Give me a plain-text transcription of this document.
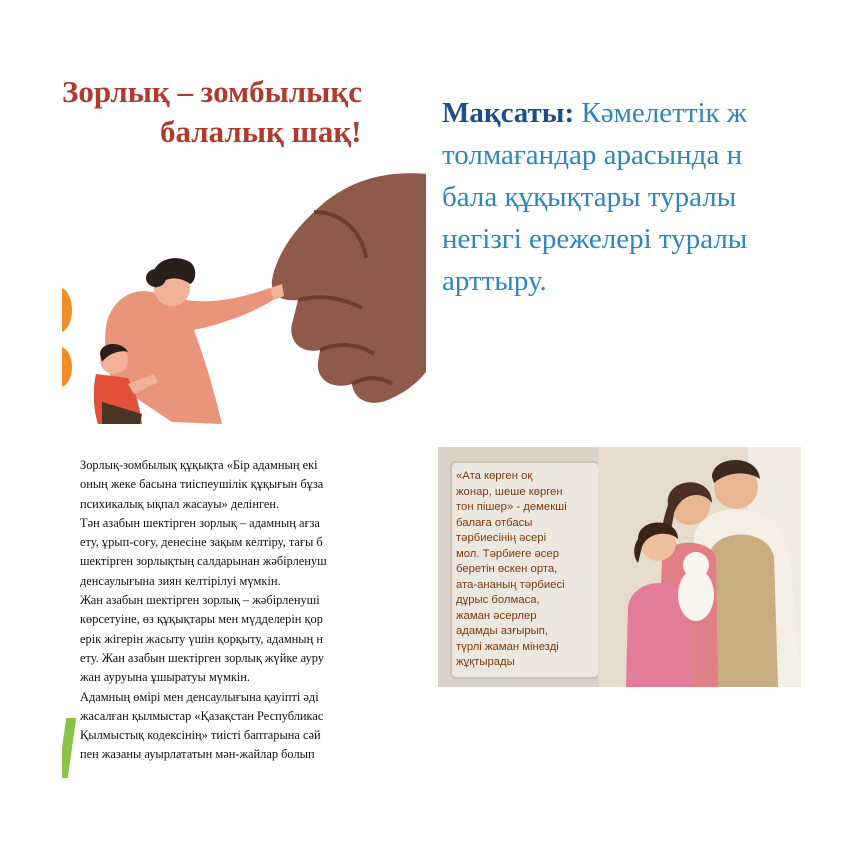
Зорлық – зомбылықс
балалық шақ!
Мақсаты: Кәмелеттік ж
толмағандар арасында н
бала құқықтары туралы
негізгі ережелері туралы
арттыру.
Зорлық-зомбылық құқықта «Бір адамның екі
оның жеке басына тиіспеушілік құқығын бұза
психикалық ықпал жасауы» делінген.
Тән азабын шектірген зорлық – адамның ағза
ету, ұрып-соғу, денесіне зақым келтіру, тағы б
шектірген зорлықтың салдарынан жәбірленуш
денсаулығына зиян келтірілуі мүмкін.
Жан азабын шектірген зорлық – жәбірленуші
көрсетуіне, өз құқықтары мен мүдделерін қор
ерік жігерін жасыту үшін қорқыту, адамның н
ету. Жан азабын шектірген зорлық жүйке ауру
жан ауруына ұшыратуы мүмкін.
Адамның өмірі мен денсаулығына қауіпті әді
жасалған қылмыстар «Қазақстан Республикас
Қылмыстық кодексінің» тиісті баптарына сәй
пен жазаны ауырлататын мән-жайлар болып
«Ата көрген оқ
жонар, шеше көрген
тон пішер» - демекші
балаға отбасы
тәрбиесінің әсері
мол. Тәрбиеге әсер
беретін өскен орта,
ата-ананың тәрбиесі
дұрыс болмаса,
жаман әсерлер
адамды азғырып,
түрлі жаман мінезді
жұқтырады
